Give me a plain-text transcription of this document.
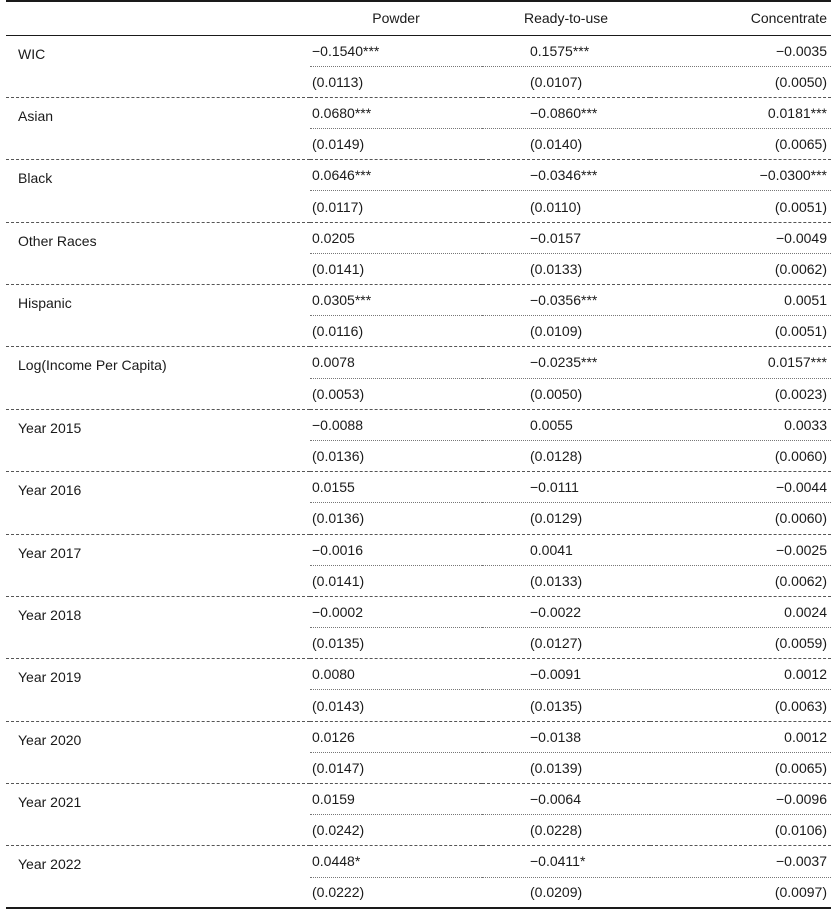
	Powder	Ready-to-use	Concentrate
WIC	−0.1540***	0.1575***	−0.0035
	(0.0113)	(0.0107)	(0.0050)
Asian	0.0680***	−0.0860***	0.0181***
	(0.0149)	(0.0140)	(0.0065)
Black	0.0646***	−0.0346***	−0.0300***
	(0.0117)	(0.0110)	(0.0051)
Other Races	0.0205	−0.0157	−0.0049
	(0.0141)	(0.0133)	(0.0062)
Hispanic	0.0305***	−0.0356***	0.0051
	(0.0116)	(0.0109)	(0.0051)
Log(Income Per Capita)	0.0078	−0.0235***	0.0157***
	(0.0053)	(0.0050)	(0.0023)
Year 2015	−0.0088	0.0055	0.0033
	(0.0136)	(0.0128)	(0.0060)
Year 2016	0.0155	−0.0111	−0.0044
	(0.0136)	(0.0129)	(0.0060)
Year 2017	−0.0016	0.0041	−0.0025
	(0.0141)	(0.0133)	(0.0062)
Year 2018	−0.0002	−0.0022	0.0024
	(0.0135)	(0.0127)	(0.0059)
Year 2019	0.0080	−0.0091	0.0012
	(0.0143)	(0.0135)	(0.0063)
Year 2020	0.0126	−0.0138	0.0012
	(0.0147)	(0.0139)	(0.0065)
Year 2021	0.0159	−0.0064	−0.0096
	(0.0242)	(0.0228)	(0.0106)
Year 2022	0.0448*	−0.0411*	−0.0037
	(0.0222)	(0.0209)	(0.0097)
